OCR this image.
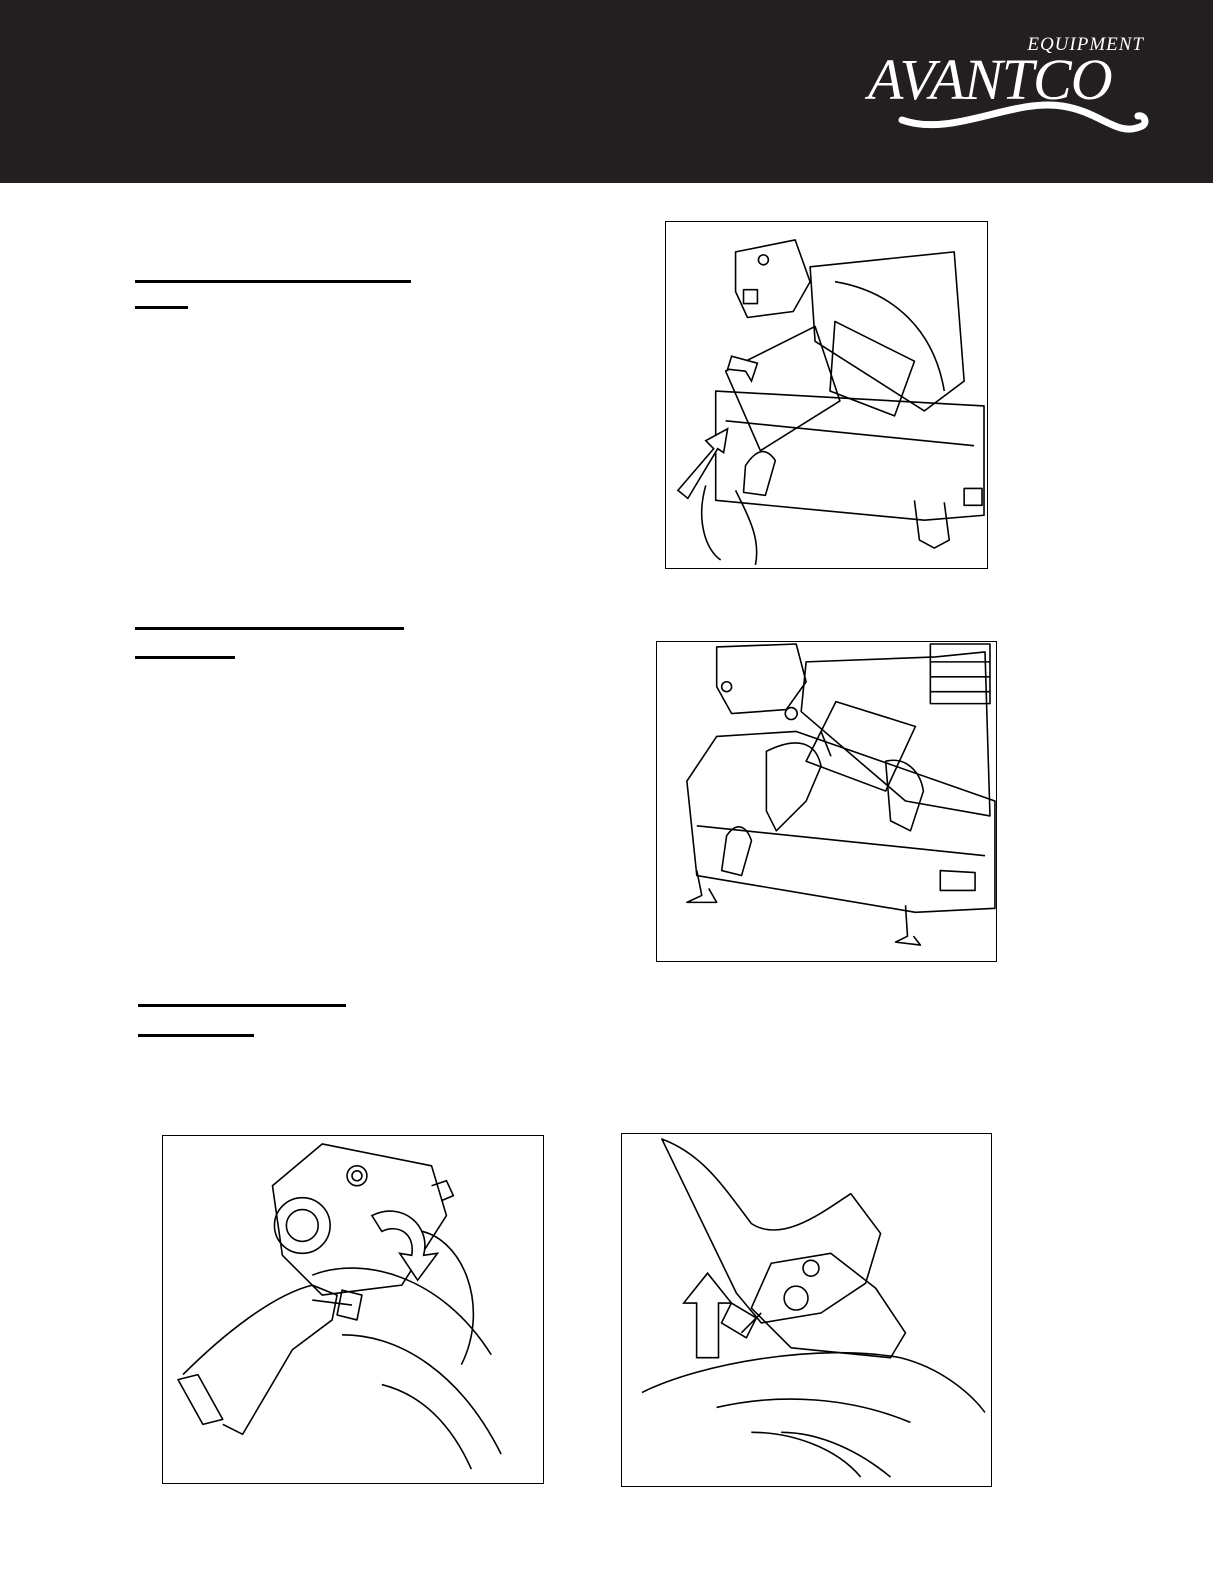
EQUIPMENT
AVANTCO
